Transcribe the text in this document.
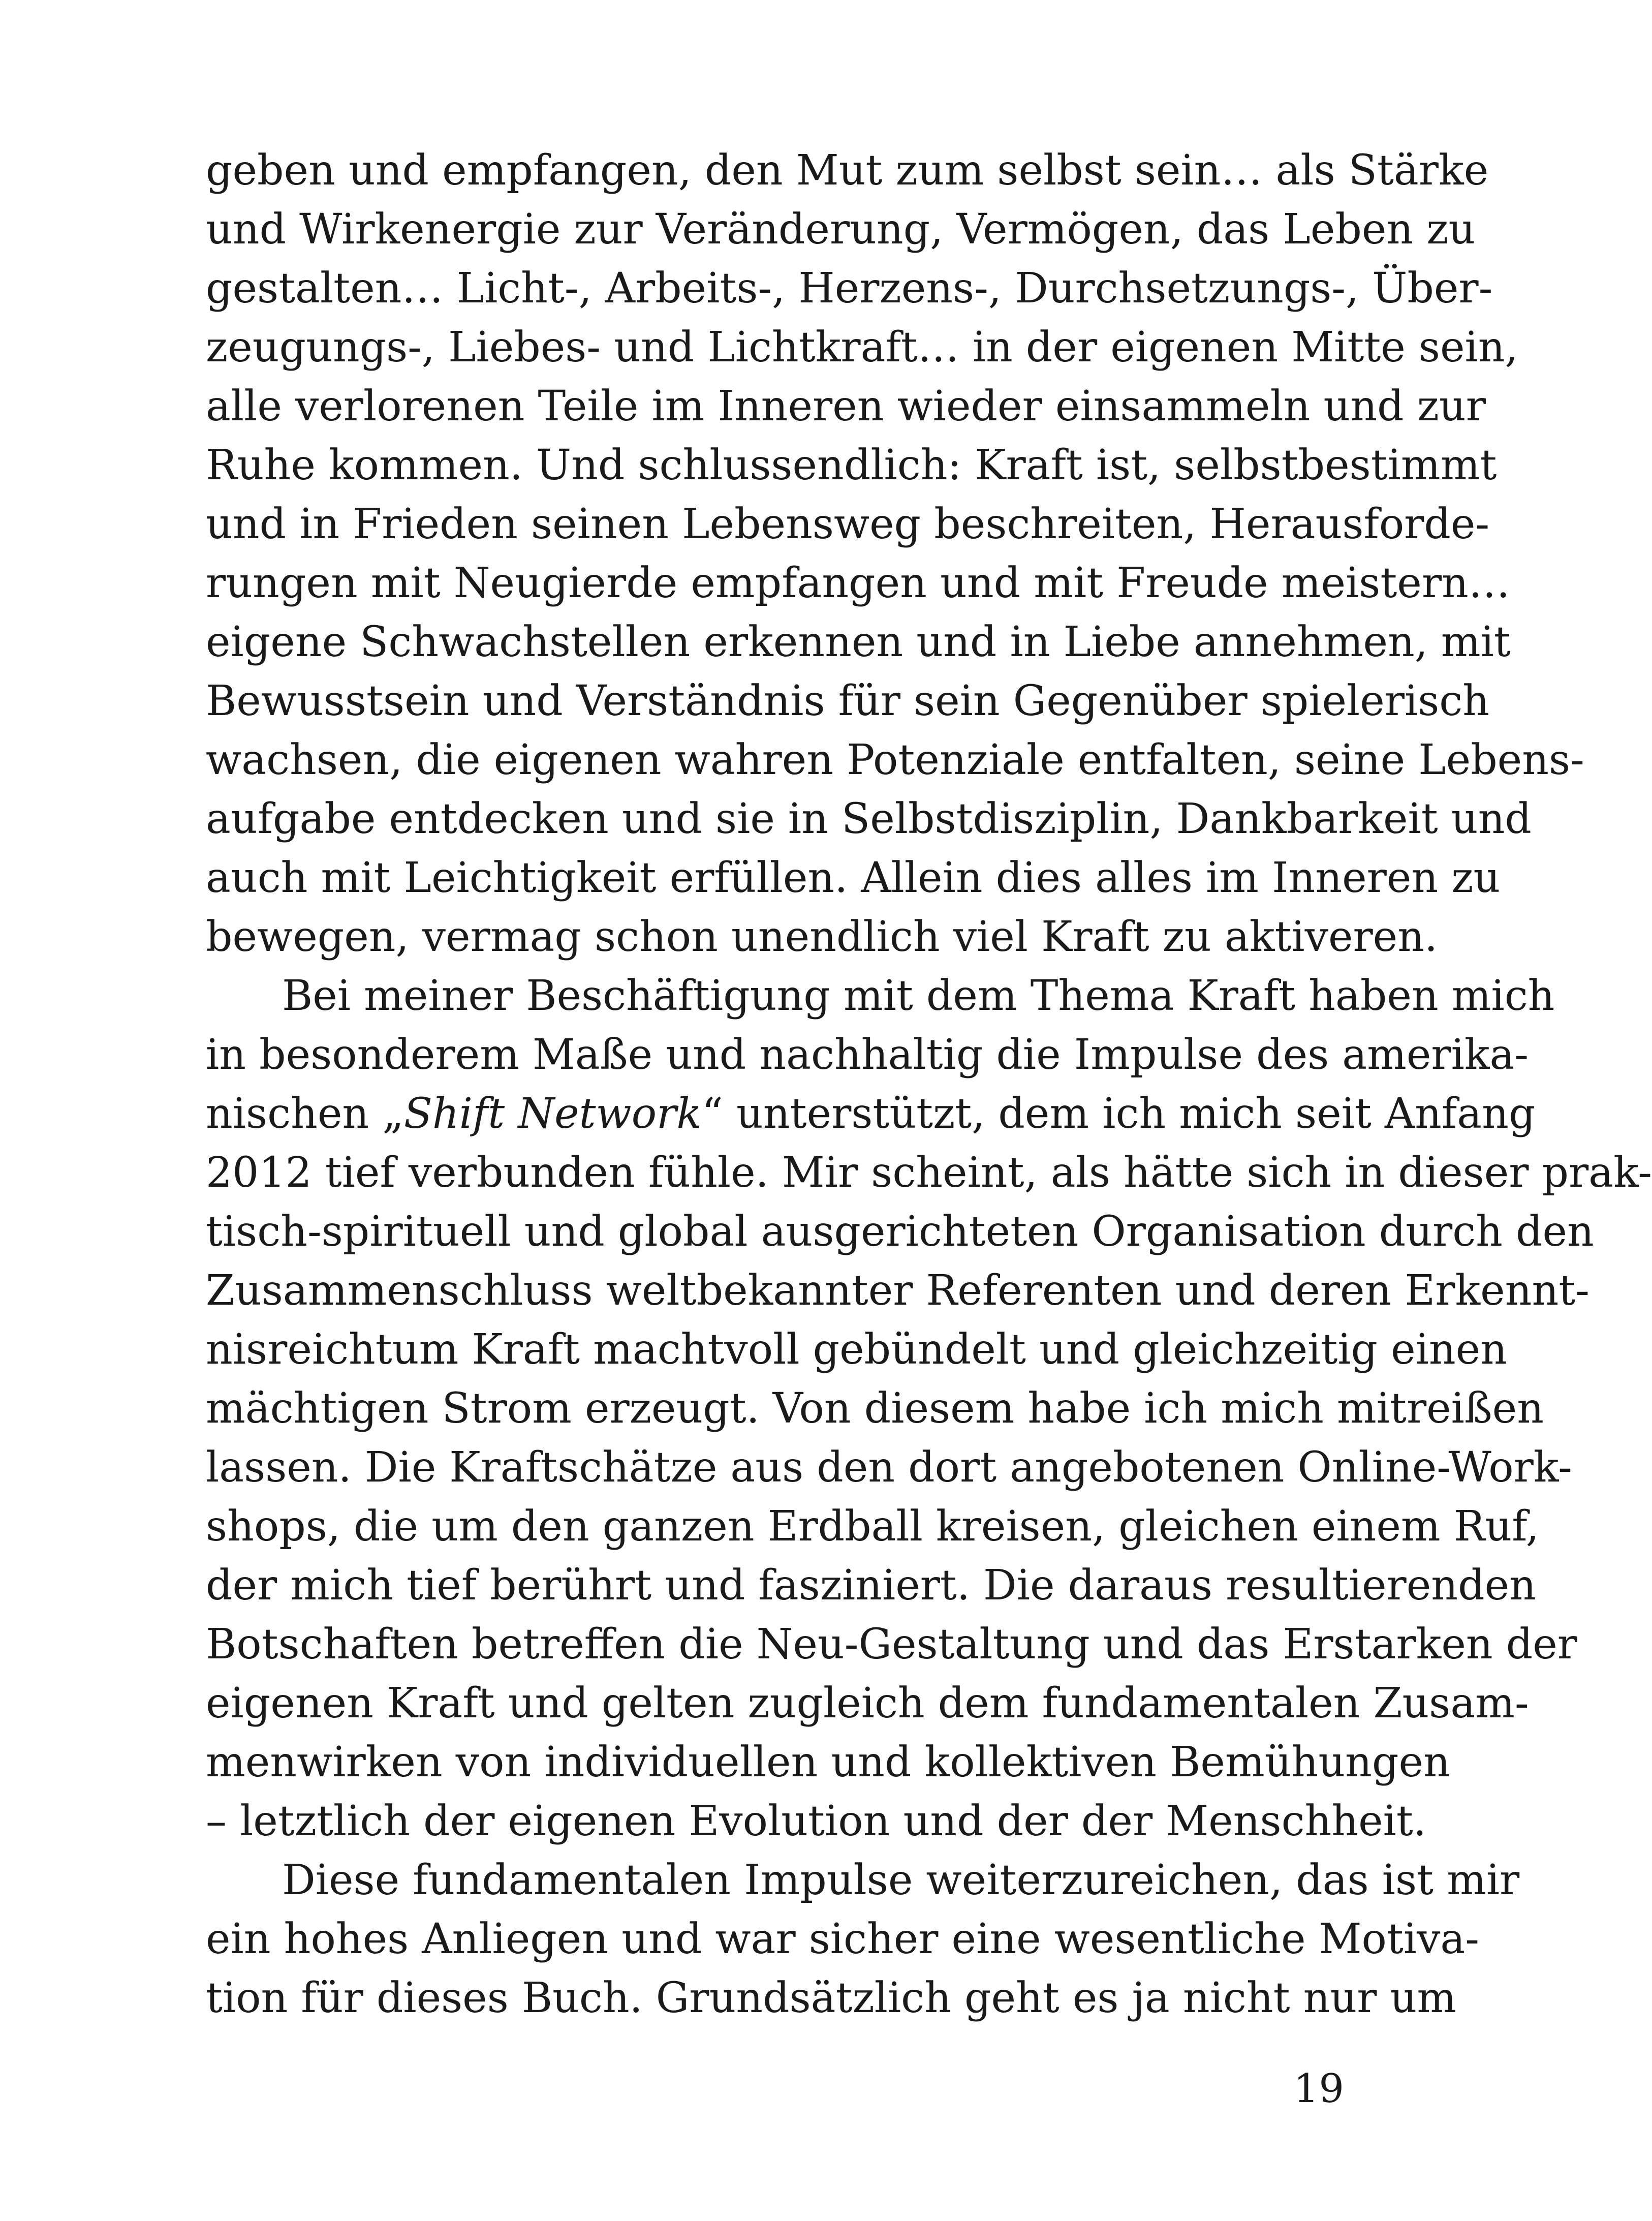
geben und empfangen, den Mut zum selbst sein… als Stärke
und Wirkenergie zur Veränderung, Vermögen, das Leben zu
gestalten… Licht-, Arbeits-, Herzens-, Durchsetzungs-, Über-
zeugungs-, Liebes- und Lichtkraft… in der eigenen Mitte sein,
alle verlorenen Teile im Inneren wieder einsammeln und zur
Ruhe kommen. Und schlussendlich: Kraft ist, selbstbestimmt
und in Frieden seinen Lebensweg beschreiten, Herausforde-
rungen mit Neugierde empfangen und mit Freude meistern…
eigene Schwachstellen erkennen und in Liebe annehmen, mit
Bewusstsein und Verständnis für sein Gegenüber spielerisch
wachsen, die eigenen wahren Potenziale entfalten, seine Lebens-
aufgabe entdecken und sie in Selbstdisziplin, Dankbarkeit und
auch mit Leichtigkeit erfüllen. Allein dies alles im Inneren zu
bewegen, vermag schon unendlich viel Kraft zu aktiveren.

Bei meiner Beschäftigung mit dem Thema Kraft haben mich
in besonderem Maße und nachhaltig die Impulse des amerika-
nischen „Shift Network“ unterstützt, dem ich mich seit Anfang
2012 tief verbunden fühle. Mir scheint, als hätte sich in dieser prak-
tisch-spirituell und global ausgerichteten Organisation durch den
Zusammenschluss weltbekannter Referenten und deren Erkennt-
nisreichtum Kraft machtvoll gebündelt und gleichzeitig einen
mächtigen Strom erzeugt. Von diesem habe ich mich mitreißen
lassen. Die Kraftschätze aus den dort angebotenen Online-Work-
shops, die um den ganzen Erdball kreisen, gleichen einem Ruf,
der mich tief berührt und fasziniert. Die daraus resultierenden
Botschaften betreffen die Neu-Gestaltung und das Erstarken der
eigenen Kraft und gelten zugleich dem fundamentalen Zusam-
menwirken von individuellen und kollektiven Bemühungen
– letztlich der eigenen Evolution und der der Menschheit.

Diese fundamentalen Impulse weiterzureichen, das ist mir
ein hohes Anliegen und war sicher eine wesentliche Motiva-
tion für dieses Buch. Grundsätzlich geht es ja nicht nur um

19
